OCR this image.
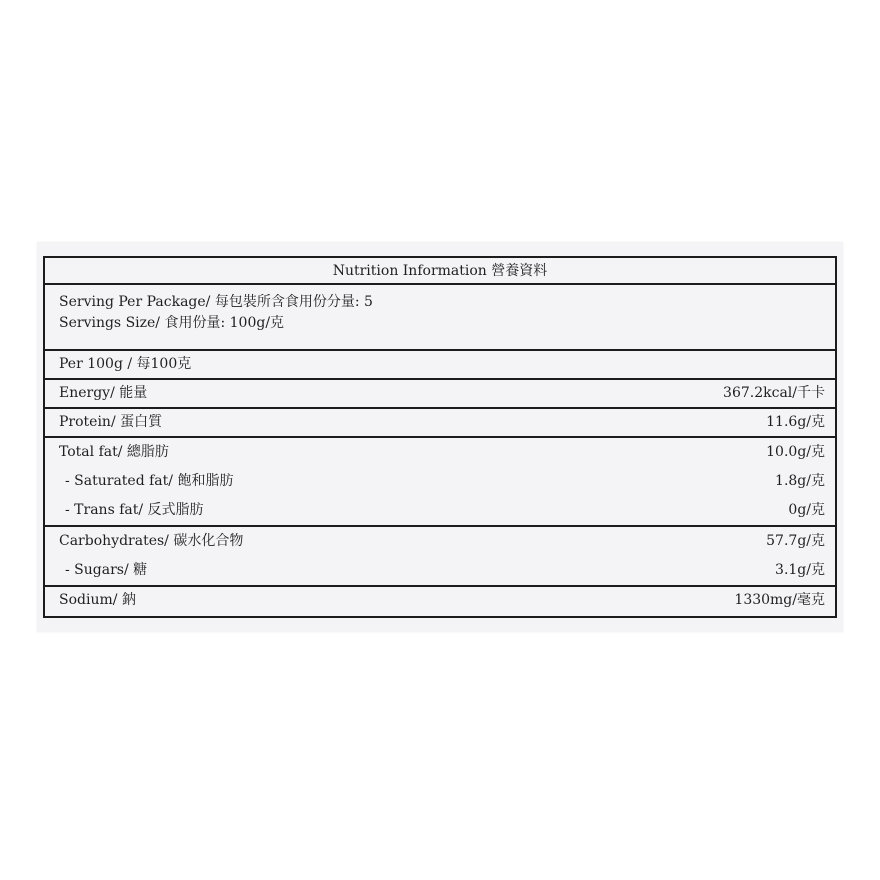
Nutrition Information 營養資料
Serving Per Package/ 每包裝所含食用份分量: 5
Servings Size/ 食用份量: 100g/克
Per 100g / 每100克
Energy/ 能量	367.2kcal/千卡
Protein/ 蛋白質	11.6g/克
Total fat/ 總脂肪	10.0g/克
- Saturated fat/ 飽和脂肪	1.8g/克
- Trans fat/ 反式脂肪	0g/克
Carbohydrates/ 碳水化合物	57.7g/克
- Sugars/ 糖	3.1g/克
Sodium/ 鈉	1330mg/毫克
